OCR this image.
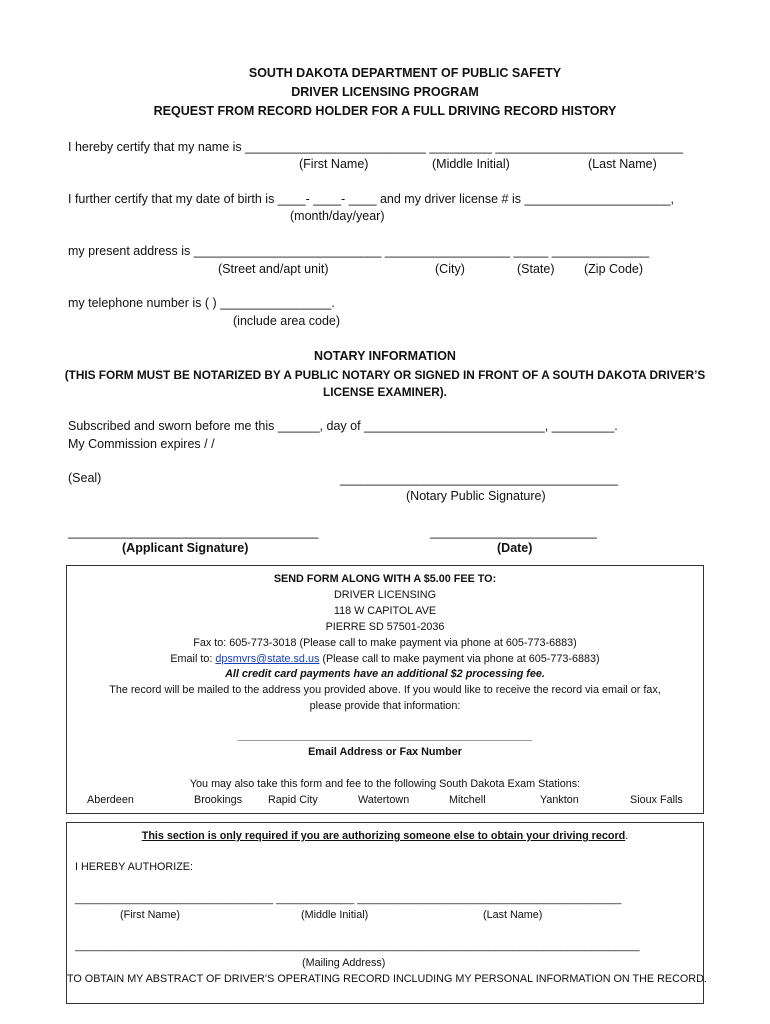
SOUTH DAKOTA DEPARTMENT OF PUBLIC SAFETY
DRIVER LICENSING PROGRAM
REQUEST FROM RECORD HOLDER FOR A FULL DRIVING RECORD HISTORY
I hereby certify that my name is __________________________ _________ ___________________________
(First Name)	(Middle Initial)	(Last Name)
I further certify that my date of birth is ____- ____- ____ and my driver license # is _____________________,
(month/day/year)
my present address is ___________________________ __________________ _____ ______________
(Street and/apt unit)	(City)	(State) (Zip Code)
my telephone number is ( ) ________________.
(include area code)
NOTARY INFORMATION
(THIS FORM MUST BE NOTARIZED BY A PUBLIC NOTARY OR SIGNED IN FRONT OF A SOUTH DAKOTA DRIVER’S
LICENSE EXAMINER).
Subscribed and sworn before me this ______, day of __________________________, _________.
My Commission expires / /
(Seal)	________________________________________
(Notary Public Signature)
____________________________________
(Applicant Signature)
________________________
(Date)
SEND FORM ALONG WITH A $5.00 FEE TO:
DRIVER LICENSING
118 W CAPITOL AVE
PIERRE SD 57501-2036
Fax to: 605-773-3018 (Please call to make payment via phone at 605-773-6883)
Email to: dpsmvrs@state.sd.us (Please call to make payment via phone at 605-773-6883)
All credit card payments have an additional $2 processing fee.
The record will be mailed to the address you provided above. If you would like to receive the record via email or fax,
please provide that information:
_________________________________________________
Email Address or Fax Number
You may also take this form and fee to the following South Dakota Exam Stations:
Aberdeen	Brookings Rapid City	Watertown	Mitchell	Yankton	Sioux Falls
This section is only required if you are authorizing someone else to obtain your driving record.
I HEREBY AUTHORIZE:
_________________________________ _____________ ____________________________________________
(First Name)	(Middle Initial)	(Last Name)
______________________________________________________________________________________________
(Mailing Address)
TO OBTAIN MY ABSTRACT OF DRIVER’S OPERATING RECORD INCLUDING MY PERSONAL INFORMATION ON THE RECORD.
